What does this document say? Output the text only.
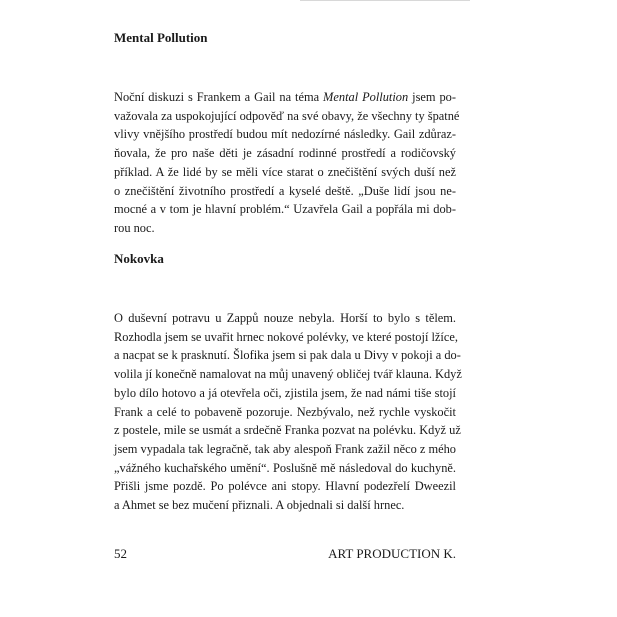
Mental Pollution
Noční diskuzi s Frankem a Gail na téma Mental Pollution jsem po-
važovala za uspokojující odpověď na své obavy, že všechny ty špatné
vlivy vnějšího prostředí budou mít nedozírné následky. Gail zdůraz-
ňovala, že pro naše děti je zásadní rodinné prostředí a rodičovský
příklad. A že lidé by se měli více starat o znečištění svých duší než
o znečištění životního prostředí a kyselé deště. „Duše lidí jsou ne-
mocné a v tom je hlavní problém.“ Uzavřela Gail a popřála mi dob-
rou noc.
Nokovka
O duševní potravu u Zappů nouze nebyla. Horší to bylo s tělem.
Rozhodla jsem se uvařit hrnec nokové polévky, ve které postojí lžíce,
a nacpat se k prasknutí. Šlofika jsem si pak dala u Divy v pokoji a do-
volila jí konečně namalovat na můj unavený obličej tvář klauna. Když
bylo dílo hotovo a já otevřela oči, zjistila jsem, že nad námi tiše stojí
Frank a celé to pobaveně pozoruje. Nezbývalo, než rychle vyskočit
z postele, mile se usmát a srdečně Franka pozvat na polévku. Když už
jsem vypadala tak legračně, tak aby alespoň Frank zažil něco z mého
„vážného kuchařského umění“. Poslušně mě následoval do kuchyně.
Přišli jsme pozdě. Po polévce ani stopy. Hlavní podezřelí Dweezil
a Ahmet se bez mučení přiznali. A objednali si další hrnec.
52	ART PRODUCTION K.
